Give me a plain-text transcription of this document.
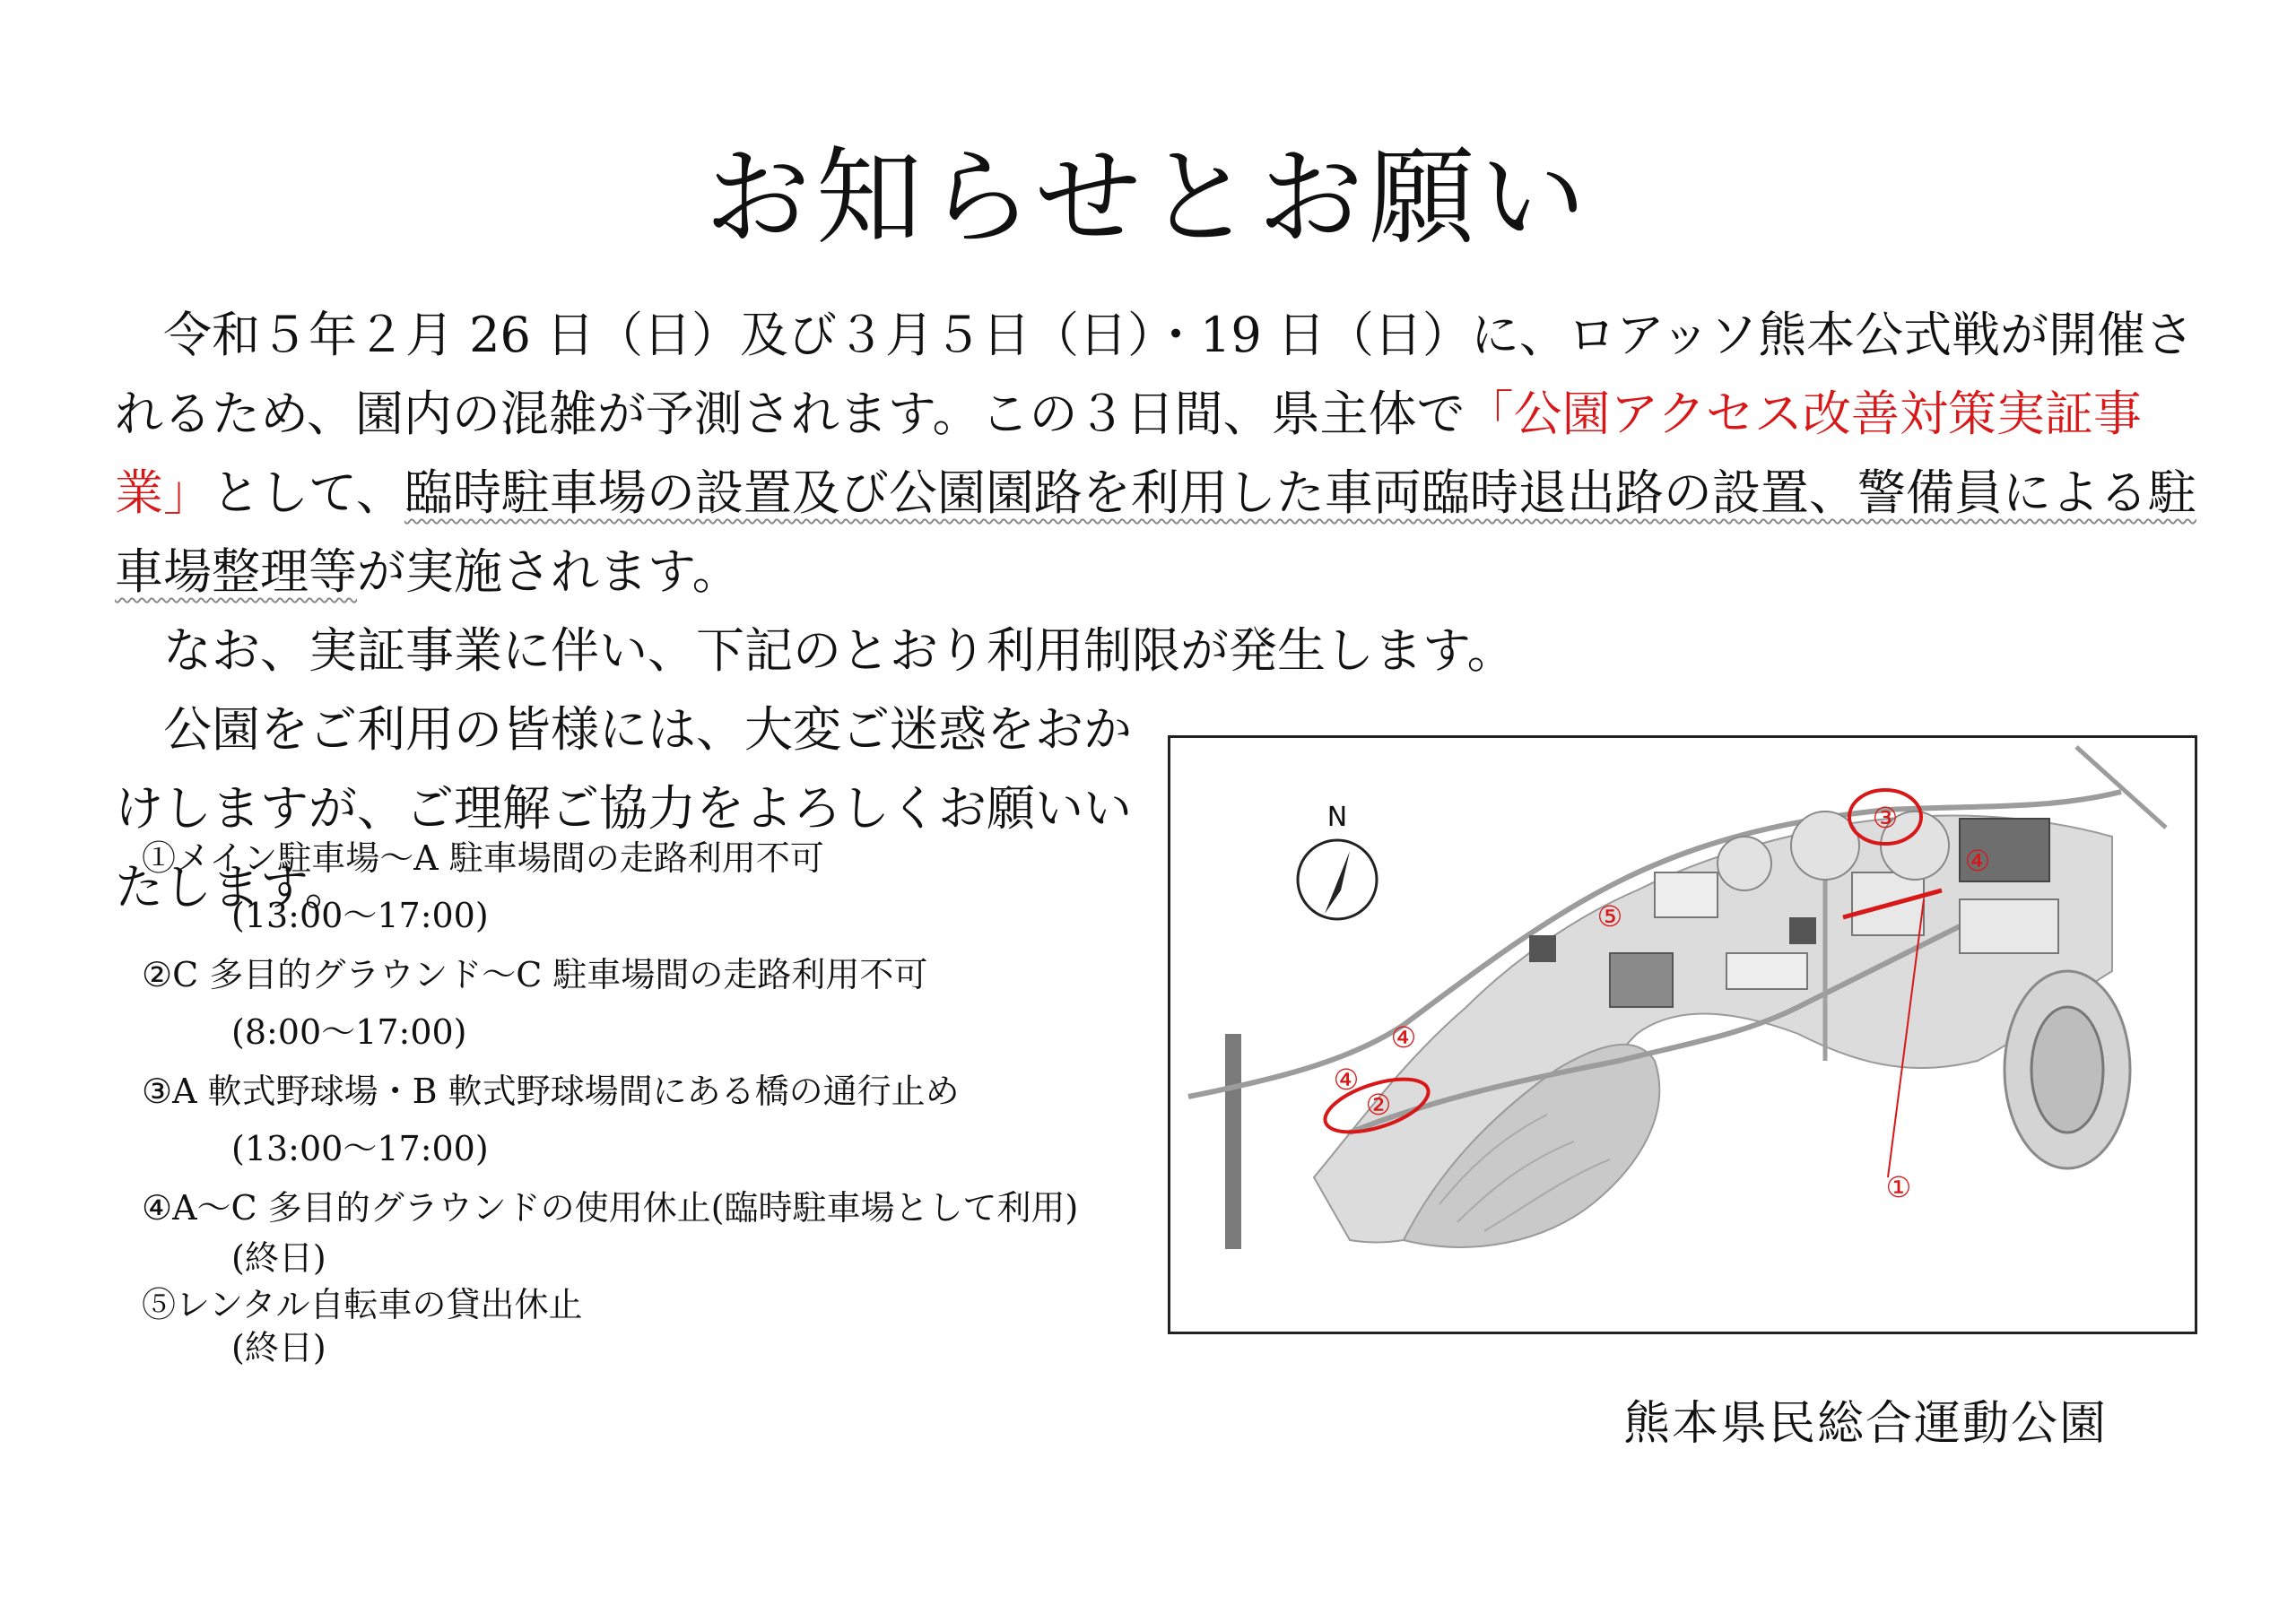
お知らせとお願い

令和５年２月 26 日（日）及び３月５日（日）・19 日（日）に、ロアッソ熊本公式戦が開催されるため、園内の混雑が予測されます。この３日間、県主体で「公園アクセス改善対策実証事業」として、臨時駐車場の設置及び公園園路を利用した車両臨時退出路の設置、警備員による駐車場整理等が実施されます。

なお、実証事業に伴い、下記のとおり利用制限が発生します。

公園をご利用の皆様には、大変ご迷惑をおかけしますが、ご理解ご協力をよろしくお願いいたします。

①メイン駐車場～A 駐車場間の走路利用不可
(13:00～17:00)
②C 多目的グラウンド～C 駐車場間の走路利用不可
(8:00～17:00)
③A 軟式野球場・B 軟式野球場間にある橋の通行止め
(13:00～17:00)
④A～C 多目的グラウンドの使用休止(臨時駐車場として利用)
(終日)
⑤レンタル自転車の貸出休止
(終日)
N	③
④
⑤
④
④
②
①
熊本県民総合運動公園
